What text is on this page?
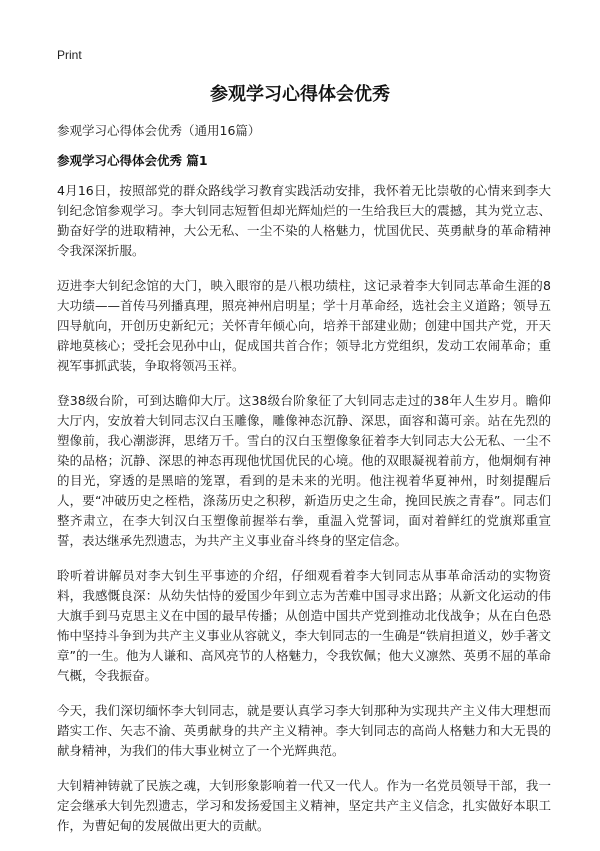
Print
参观学习心得体会优秀

参观学习心得体会优秀（通用16篇）

参观学习心得体会优秀 篇1

4月16日，按照部党的群众路线学习教育实践活动安排，我怀着无比崇敬的心情来到李大钊纪念馆参观学习。李大钊同志短暂但却光辉灿烂的一生给我巨大的震撼，其为党立志、勤奋好学的进取精神，大公无私、一尘不染的人格魅力，忧国优民、英勇献身的革命精神令我深深折服。

迈进李大钊纪念馆的大门，映入眼帘的是八根功绩柱，这记录着李大钊同志革命生涯的8大功绩——首传马列播真理，照亮神州启明星；学十月革命经，选社会主义道路；领导五四导航向，开创历史新纪元；关怀青年倾心向，培养干部建业勋；创建中国共产党，开天辟地莫核心；受托会见孙中山，促成国共首合作；领导北方党组织，发动工农闹革命；重视军事抓武装，争取将领冯玉祥。

登38级台阶，可到达瞻仰大厅。这38级台阶象征了大钊同志走过的38年人生岁月。瞻仰大厅内，安放着大钊同志汉白玉雕像，雕像神态沉静、深思，面容和蔼可亲。站在先烈的塑像前，我心潮澎湃，思绪万千。雪白的汉白玉塑像象征着李大钊同志大公无私、一尘不染的品格；沉静、深思的神态再现他忧国优民的心境。他的双眼凝视着前方，他炯炯有神的目光，穿透的是黑暗的笼罩，看到的是未来的光明。他注视着华夏神州，时刻提醒后人，要“冲破历史之桎梏，涤荡历史之积秽，新造历史之生命，挽回民族之青春”。同志们整齐肃立，在李大钊汉白玉塑像前握举右拳，重温入党誓词，面对着鲜红的党旗郑重宣誓，表达继承先烈遗志，为共产主义事业奋斗终身的坚定信念。

聆听着讲解员对李大钊生平事迹的介绍，仔细观看着李大钊同志从事革命活动的实物资料，我感慨良深：从幼失怙恃的爱国少年到立志为苦难中国寻求出路；从新文化运动的伟大旗手到马克思主义在中国的最早传播；从创造中国共产党到推动北伐战争；从在白色恐怖中坚持斗争到为共产主义事业从容就义，李大钊同志的一生确是“铁肩担道义，妙手著文章”的一生。他为人谦和、高风亮节的人格魅力，令我钦佩；他大义凛然、英勇不屈的革命气概，令我振奋。

今天，我们深切缅怀李大钊同志，就是要认真学习李大钊那种为实现共产主义伟大理想而踏实工作、矢志不渝、英勇献身的共产主义精神。李大钊同志的高尚人格魅力和大无畏的献身精神，为我们的伟大事业树立了一个光辉典范。

大钊精神铸就了民族之魂，大钊形象影响着一代又一代人。作为一名党员领导干部，我一定会继承大钊先烈遗志，学习和发扬爱国主义精神，坚定共产主义信念，扎实做好本职工作，为曹妃甸的发展做出更大的贡献。
